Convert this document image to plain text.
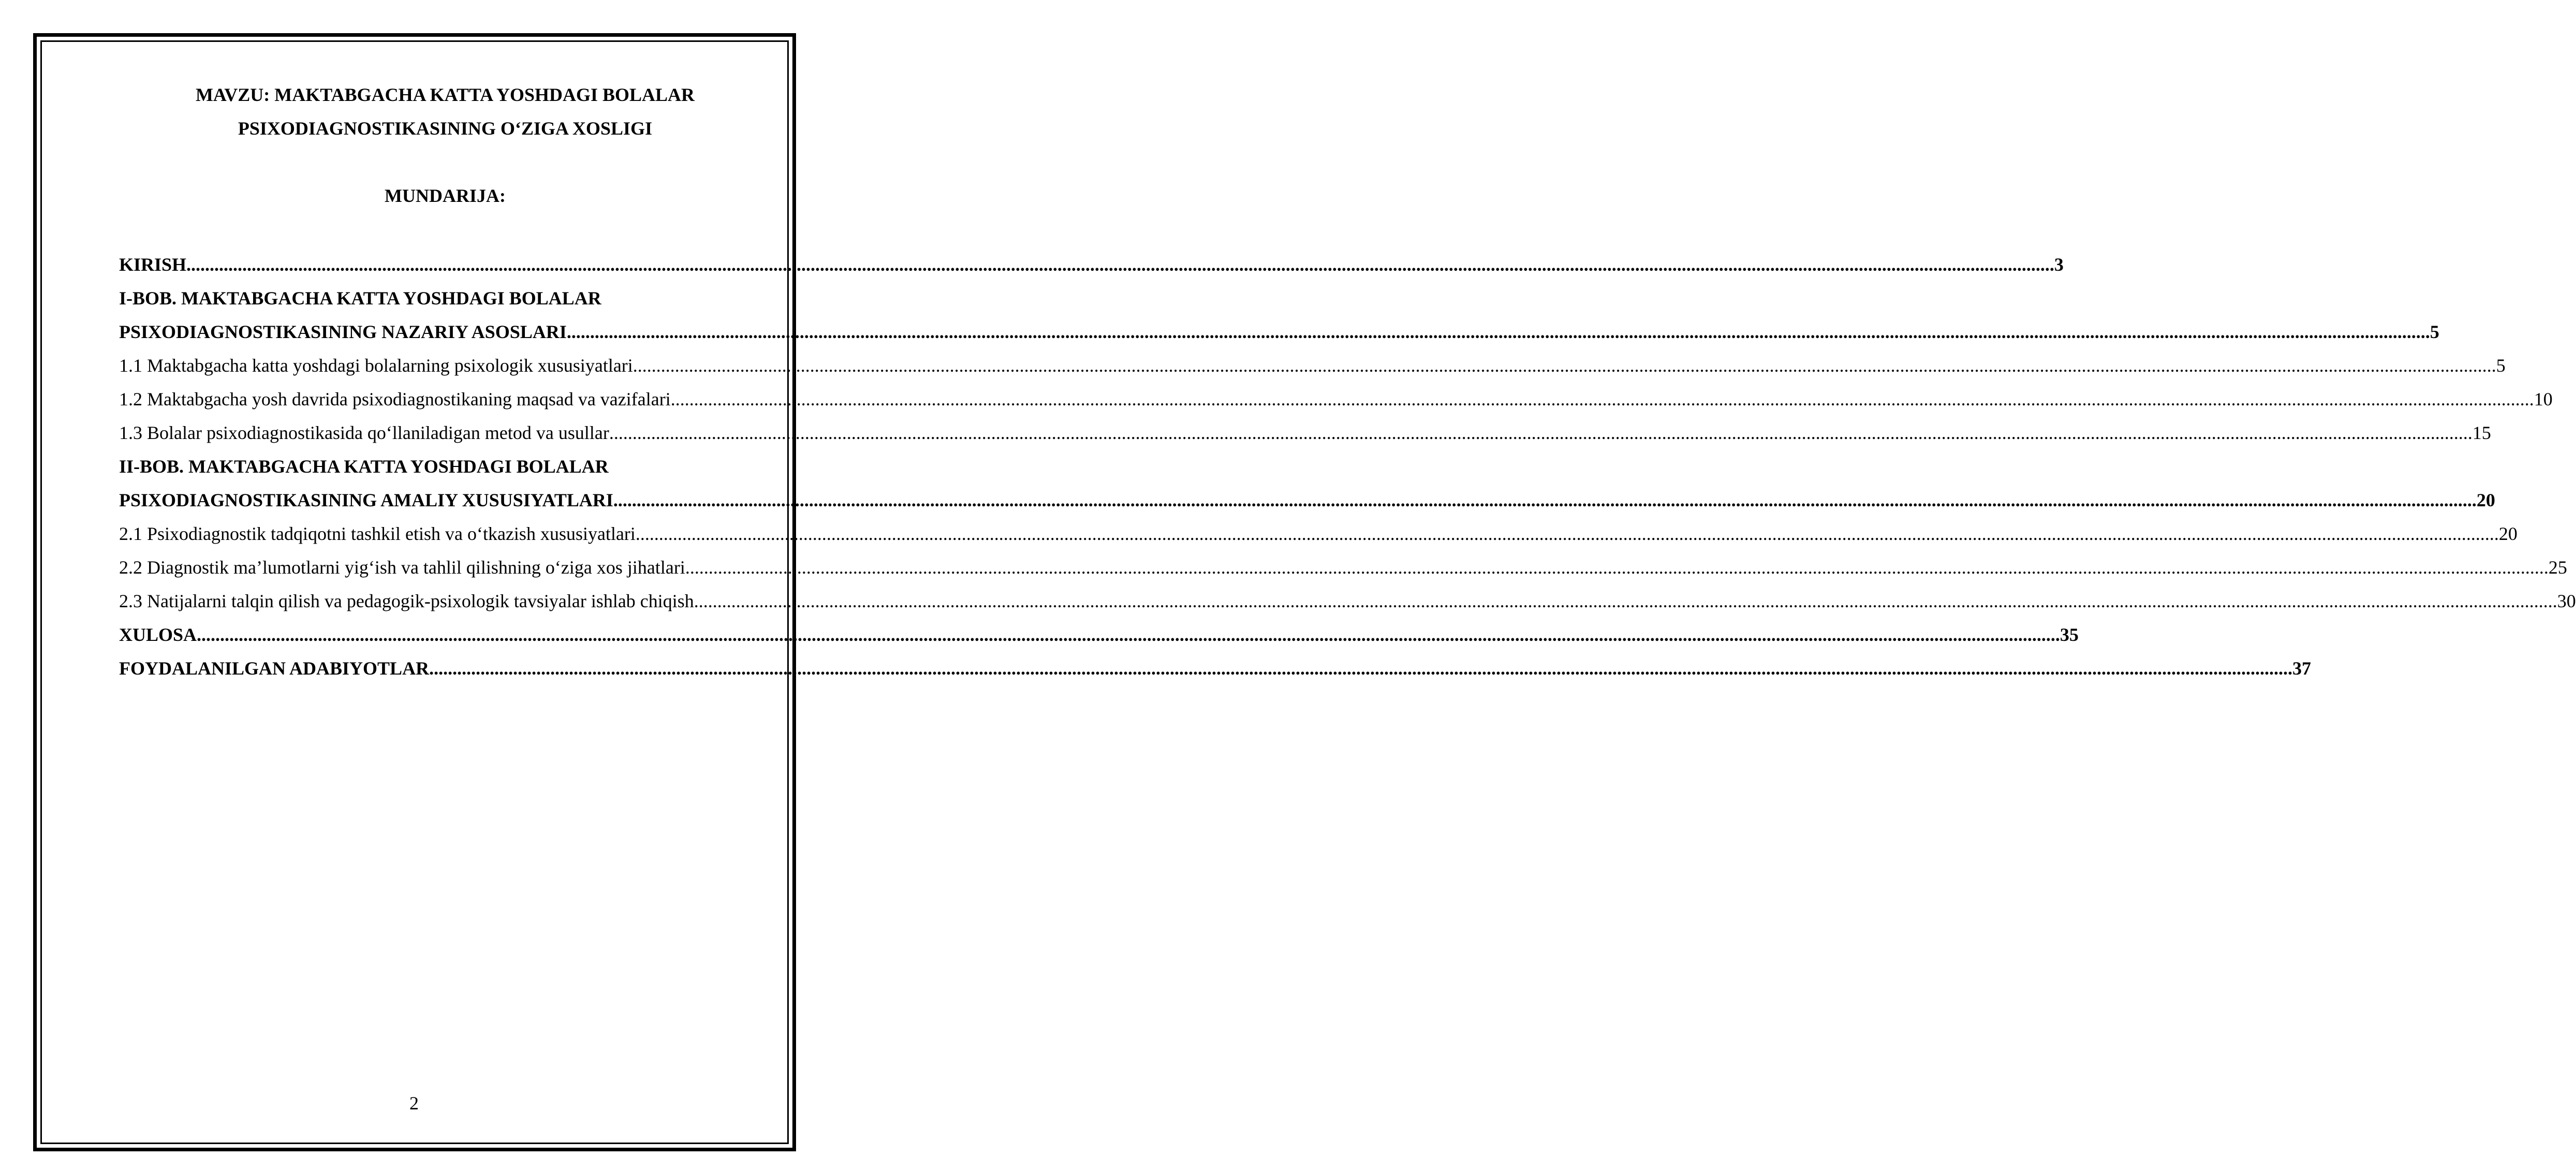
MAVZU: MAKTABGACHA KATTA YOSHDAGI BOLALAR
PSIXODIAGNOSTIKASINING O‘ZIGA XOSLIGI
MUNDARIJA:
KIRISH ................................................................................................................................................................................................................................................................................................................................................................................................................ .3
I-BOB. MAKTABGACHA KATTA YOSHDAGI BOLALAR
PSIXODIAGNOSTIKASINING NAZARIY ASOSLARI ................................................................................................................................................................................................................................................................................................................................................................................................................ 5
1.1 Maktabgacha katta yoshdagi bolalarning psixologik xususiyatlari ................................................................................................................................................................................................................................................................................................................................................................................................................ 5
1.2 Maktabgacha yosh davrida psixodiagnostikaning maqsad va vazifalari ................................................................................................................................................................................................................................................................................................................................................................................................................ 10
1.3 Bolalar psixodiagnostikasida qo‘llaniladigan metod va usullar ................................................................................................................................................................................................................................................................................................................................................................................................................ 15
II-BOB. MAKTABGACHA KATTA YOSHDAGI BOLALAR
PSIXODIAGNOSTIKASINING AMALIY XUSUSIYATLARI ................................................................................................................................................................................................................................................................................................................................................................................................................ 20
2.1 Psixodiagnostik tadqiqotni tashkil etish va o‘tkazish xususiyatlari ................................................................................................................................................................................................................................................................................................................................................................................................................ 20
2.2 Diagnostik ma’lumotlarni yig‘ish va tahlil qilishning o‘ziga xos jihatlari ................................................................................................................................................................................................................................................................................................................................................................................................................ 25
2.3 Natijalarni talqin qilish va pedagogik-psixologik tavsiyalar ishlab chiqish ................................................................................................................................................................................................................................................................................................................................................................................................................ 30
XULOSA ................................................................................................................................................................................................................................................................................................................................................................................................................ 35
FOYDALANILGAN ADABIYOTLAR ................................................................................................................................................................................................................................................................................................................................................................................................................ 37
2
